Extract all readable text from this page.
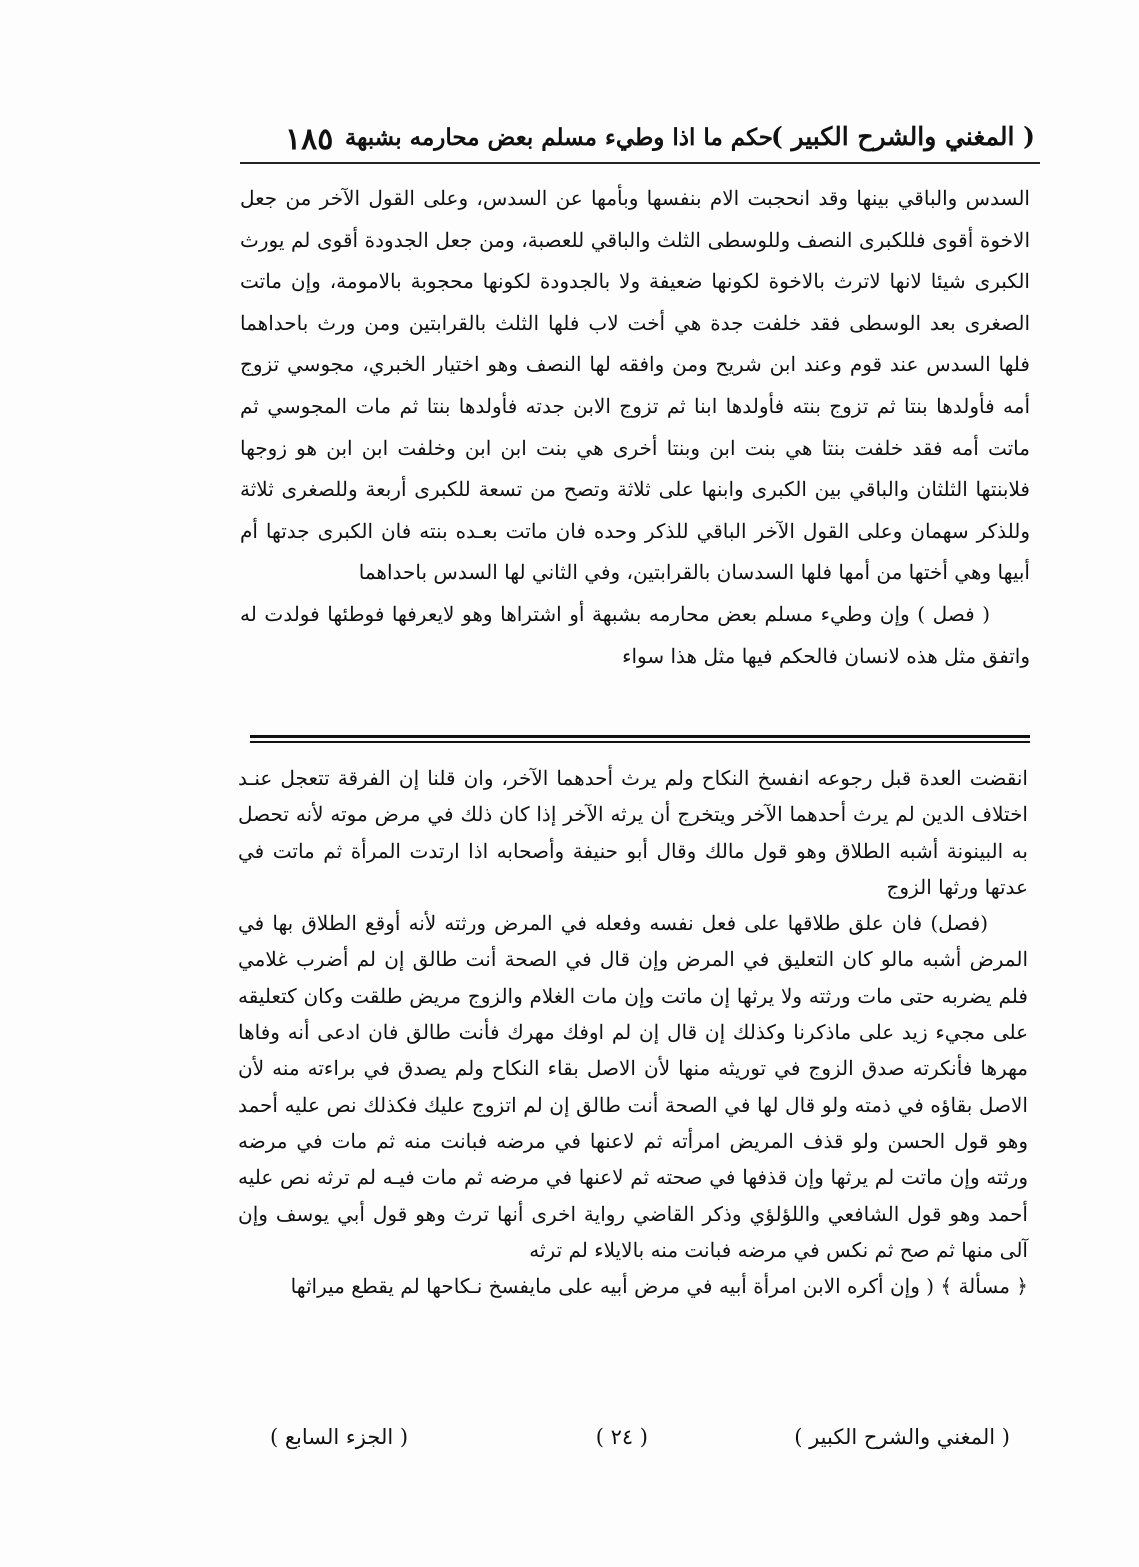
( المغني والشرح الكبير )
حكم ما اذا وطيء مسلم بعض محارمه بشبهة
١٨٥

السدس والباقي بينها وقد انحجبت الام بنفسها وبأمها عن السدس، وعلى القول الآخر من جعل الاخوة أقوى فللكبرى النصف وللوسطى الثلث والباقي للعصبة، ومن جعل الجدودة أقوى لم يورث الكبرى شيئا لانها لاترث بالاخوة لكونها ضعيفة ولا بالجدودة لكونها محجوبة بالامومة، وإن ماتت الصغرى بعد الوسطى فقد خلفت جدة هي أخت لاب فلها الثلث بالقرابتين ومن ورث باحداهما فلها السدس عند قوم وعند ابن شريح ومن وافقه لها النصف وهو اختيار الخبري، مجوسي تزوج أمه فأولدها بنتا ثم تزوج بنته فأولدها ابنا ثم تزوج الابن جدته فأولدها بنتا ثم مات المجوسي ثم ماتت أمه فقد خلفت بنتا هي بنت ابن وبنتا أخرى هي بنت ابن ابن وخلفت ابن ابن هو زوجها فلابنتها الثلثان والباقي بين الكبرى وابنها على ثلاثة وتصح من تسعة للكبرى أربعة وللصغرى ثلاثة وللذكر سهمان وعلى القول الآخر الباقي للذكر وحده فان ماتت بعـده بنته فان الكبرى جدتها أم أبيها وهي أختها من أمها فلها السدسان بالقرابتين، وفي الثاني لها السدس باحداهما

( فصل ) وإن وطيء مسلم بعض محارمه بشبهة أو اشتراها وهو لايعرفها فوطئها فولدت له واتفق مثل هذه لانسان فالحكم فيها مثل هذا سواء

انقضت العدة قبل رجوعه انفسخ النكاح ولم يرث أحدهما الآخر، وان قلنا إن الفرقة تتعجل عنـد اختلاف الدين لم يرث أحدهما الآخر ويتخرج أن يرثه الآخر إذا كان ذلك في مرض موته لأنه تحصل به البينونة أشبه الطلاق وهو قول مالك وقال أبو حنيفة وأصحابه اذا ارتدت المرأة ثم ماتت في عدتها ورثها الزوج

(فصل) فان علق طلاقها على فعل نفسه وفعله في المرض ورثته لأنه أوقع الطلاق بها في المرض أشبه مالو كان التعليق في المرض وإن قال في الصحة أنت طالق إن لم أضرب غلامي فلم يضربه حتى مات ورثته ولا يرثها إن ماتت وإن مات الغلام والزوج مريض طلقت وكان كتعليقه على مجيء زيد على ماذكرنا وكذلك إن قال إن لم اوفك مهرك فأنت طالق فان ادعى أنه وفاها مهرها فأنكرته صدق الزوج في توريثه منها لأن الاصل بقاء النكاح ولم يصدق في براءته منه لأن الاصل بقاؤه في ذمته ولو قال لها في الصحة أنت طالق إن لم اتزوج عليك فكذلك نص عليه أحمد وهو قول الحسن ولو قذف المريض امرأته ثم لاعنها في مرضه فبانت منه ثم مات في مرضه ورثته وإن ماتت لم يرثها وإن قذفها في صحته ثم لاعنها في مرضه ثم مات فيـه لم ترثه نص عليه أحمد وهو قول الشافعي واللؤلؤي وذكر القاضي رواية اخرى أنها ترث وهو قول أبي يوسف وإن آلى منها ثم صح ثم نكس في مرضه فبانت منه بالايلاء لم ترثه

﴿ مسألة ﴾ ( وإن أكره الابن امرأة أبيه في مرض أبيه على مايفسخ نـكاحها لم يقطع ميراثها

( المغني والشرح الكبير )
( ٢٤ )
( الجزء السابع )
